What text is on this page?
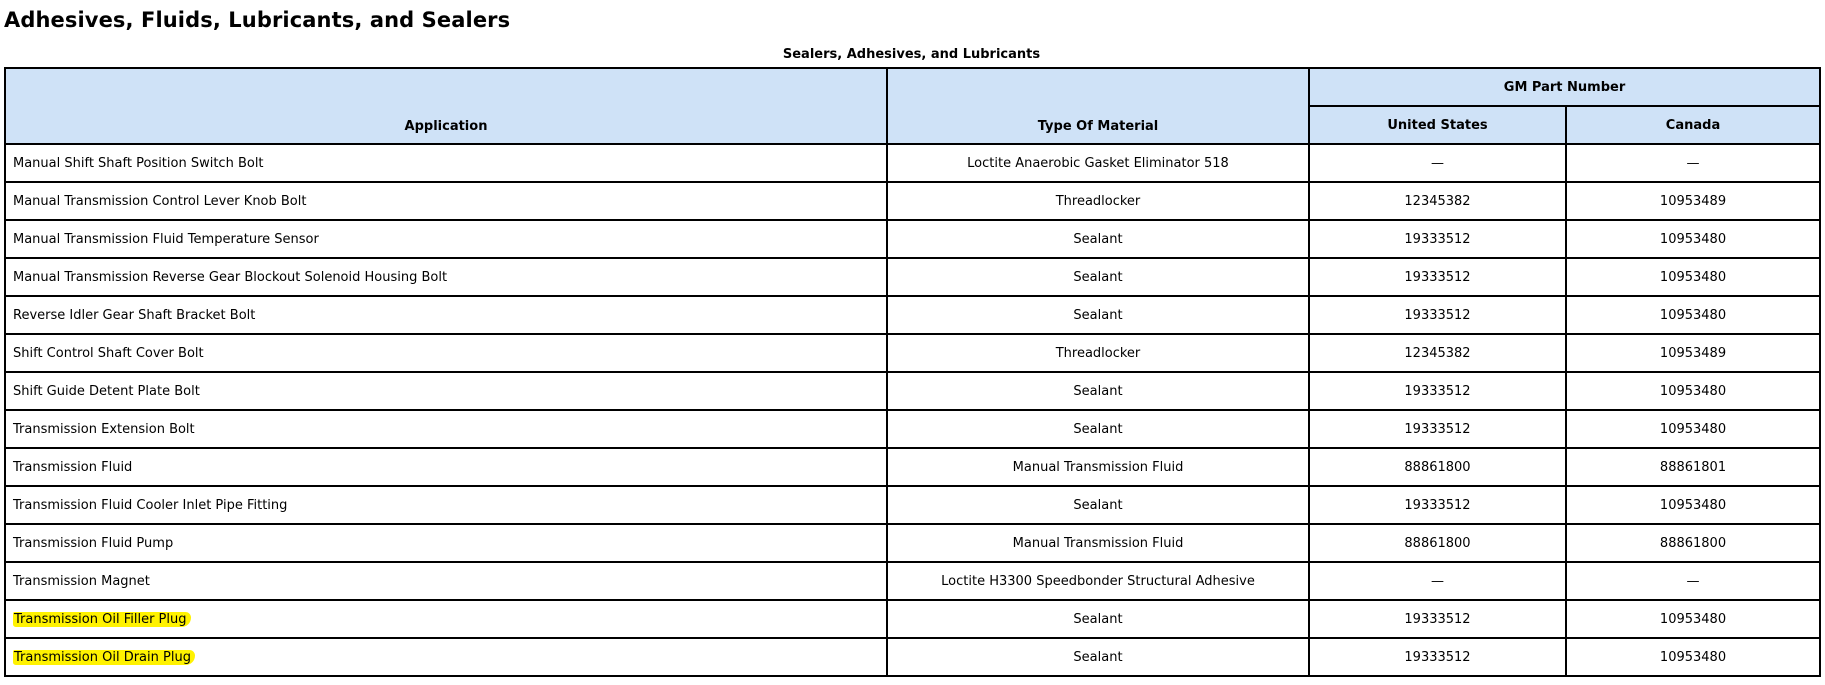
Adhesives, Fluids, Lubricants, and Sealers
Sealers, Adhesives, and Lubricants
Application	Type Of Material	GM Part Number	
		United States	Canada
Manual Shift Shaft Position Switch Bolt	Loctite Anaerobic Gasket Eliminator 518	—	—
Manual Transmission Control Lever Knob Bolt	Threadlocker	12345382	10953489
Manual Transmission Fluid Temperature Sensor	Sealant	19333512	10953480
Manual Transmission Reverse Gear Blockout Solenoid Housing Bolt	Sealant	19333512	10953480
Reverse Idler Gear Shaft Bracket Bolt	Sealant	19333512	10953480
Shift Control Shaft Cover Bolt	Threadlocker	12345382	10953489
Shift Guide Detent Plate Bolt	Sealant	19333512	10953480
Transmission Extension Bolt	Sealant	19333512	10953480
Transmission Fluid	Manual Transmission Fluid	88861800	88861801
Transmission Fluid Cooler Inlet Pipe Fitting	Sealant	19333512	10953480
Transmission Fluid Pump	Manual Transmission Fluid	88861800	88861800
Transmission Magnet	Loctite H3300 Speedbonder Structural Adhesive	—	—
Transmission Oil Filler Plug	Sealant	19333512	10953480
Transmission Oil Drain Plug	Sealant	19333512	10953480
